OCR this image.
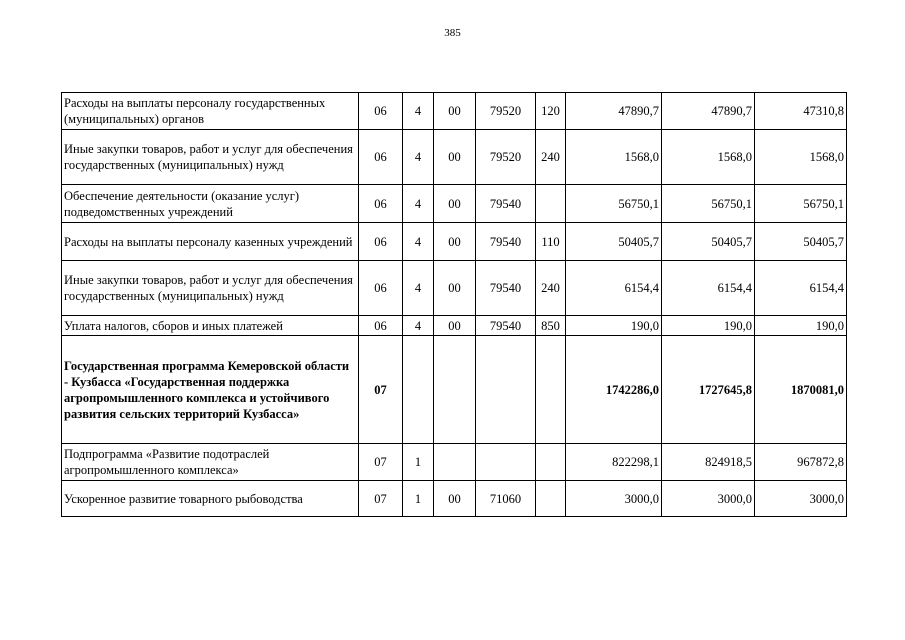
385
Расходы на выплаты персоналу государственных (муниципальных) органов	06	4	00	79520	120	47890,7	47890,7	47310,8
Иные закупки товаров, работ и услуг для обеспечения государственных (муниципальных) нужд	06	4	00	79520	240	1568,0	1568,0	1568,0
Обеспечение деятельности (оказание услуг) подведомственных учреждений	06	4	00	79540		56750,1	56750,1	56750,1
Расходы на выплаты персоналу казенных учреждений	06	4	00	79540	110	50405,7	50405,7	50405,7
Иные закупки товаров, работ и услуг для обеспечения государственных (муниципальных) нужд	06	4	00	79540	240	6154,4	6154,4	6154,4
Уплата налогов, сборов и иных платежей	06	4	00	79540	850	190,0	190,0	190,0
Государственная программа Кемеровской области - Кузбасса «Государственная поддержка агропромышленного комплекса и устойчивого развития сельских территорий Кузбасса»	07					1742286,0	1727645,8	1870081,0
Подпрограмма «Развитие подотраслей агропромышленного комплекса»	07	1				822298,1	824918,5	967872,8
Ускоренное развитие товарного рыбоводства	07	1	00	71060		3000,0	3000,0	3000,0
